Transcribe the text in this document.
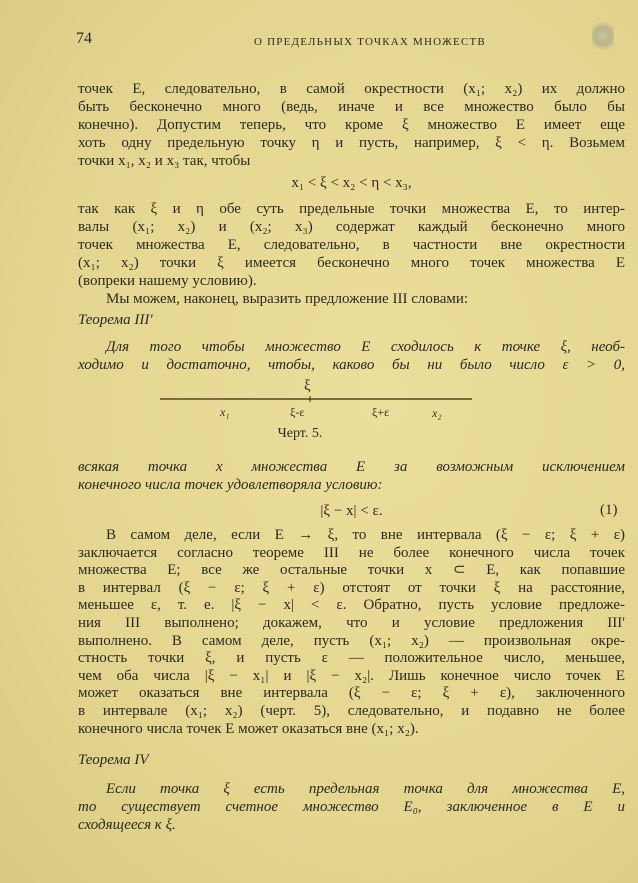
74	О ПРЕДЕЛЬНЫХ ТОЧКАХ МНОЖЕСТВ
точек E, следовательно, в самой окрестности (x₁; x₂) их должно
быть бесконечно много (ведь, иначе и все множество было бы
конечно). Допустим теперь, что кроме ξ множество E имеет еще
хоть одну предельную точку η и пусть, например, ξ < η. Возьмем
точки x₁, x₂ и x₃ так, чтобы
x₁ < ξ < x₂ < η < x₃,
так как ξ и η обе суть предельные точки множества E, то интер-
валы (x₁; x₂) и (x₂; x₃) содержат каждый бесконечно много
точек множества E, следовательно, в частности вне окрестности
(x₁; x₂) точки ξ имеется бесконечно много точек множества E
(вопреки нашему условию).
Мы можем, наконец, выразить предложение III словами:
Для того чтобы множество E сходилось к точке ξ, необ-
ходимо и достаточно, чтобы, каково бы ни было число ε > 0,
всякая точка x множества E за возможным исключением
конечного числа точек удовлетворяла условию:
|ξ − x| < ε.
В самом деле, если E → ξ, то вне интервала (ξ − ε; ξ + ε)
заключается согласно теореме III не более конечного числа точек
множества E; все же остальные точки x ⊂ E, как попавшие
в интервал (ξ − ε; ξ + ε) отстоят от точки ξ на расстояние,
меньшее ε, т. е. |ξ − x| < ε. Обратно, пусть условие предложе-
ния III выполнено; докажем, что и условие предложения III'
выполнено. В самом деле, пусть (x₁; x₂) — произвольная окре-
стность точки ξ, и пусть ε — положительное число, меньшее,
чем оба числа |ξ − x₁| и |ξ − x₂|. Лишь конечное число точек E
может оказаться вне интервала (ξ − ε; ξ + ε), заключенного
в интервале (x₁; x₂) (черт. 5), следовательно, и подавно не более
конечного числа точек E может оказаться вне (x₁; x₂).
Если точка ξ есть предельная точка для множества E,
то существует счетное множество E₀, заключенное в E и
сходящееся к ξ.
Теорема III'
Теорема IV
ξ
x₁	ξ-ε	ξ+ε	x₂
Черт. 5.
(1)
